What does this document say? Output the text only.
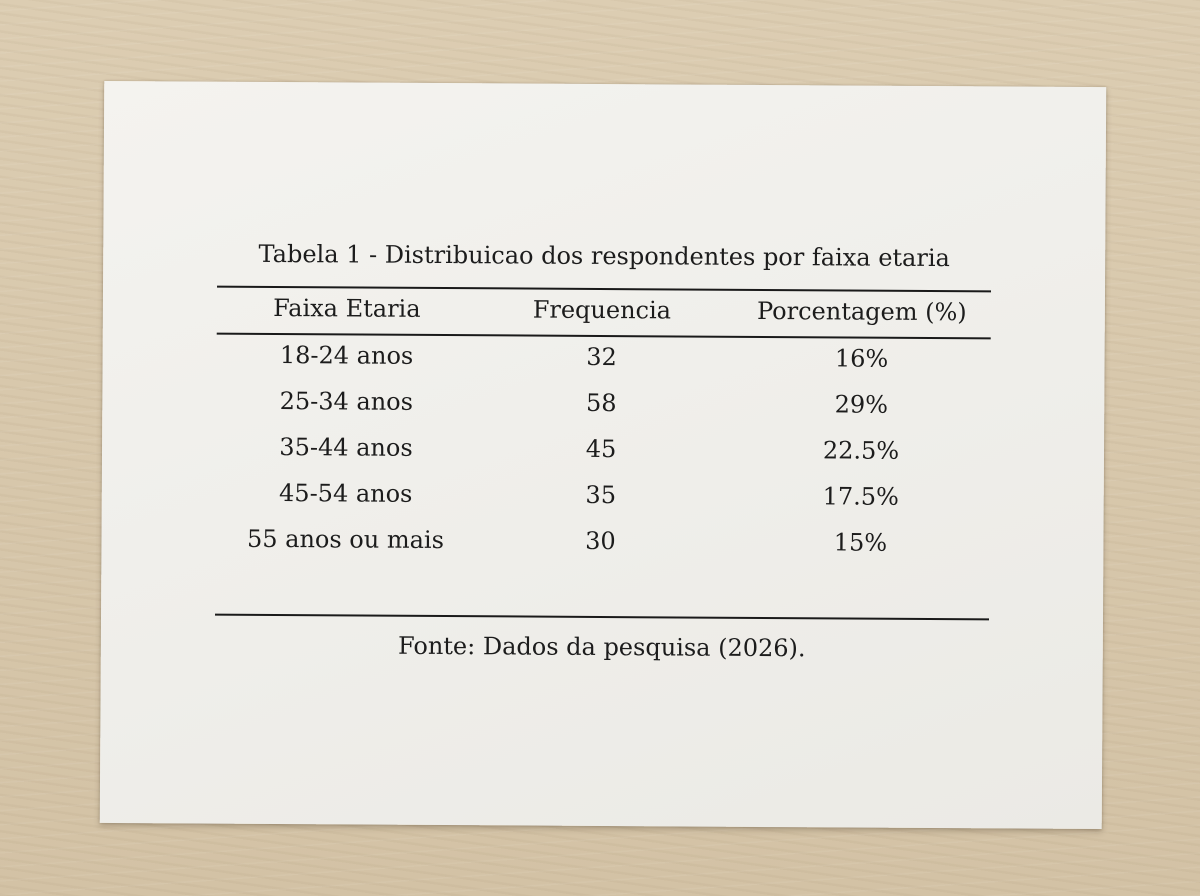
Tabela 1 - Distribuicao dos respondentes por faixa etaria
Faixa Etaria	Frequencia	Porcentagem (%)
18-24 anos	32	16%
25-34 anos	58	29%
35-44 anos	45	22.5%
45-54 anos	35	17.5%
55 anos ou mais	30	15%
Fonte: Dados da pesquisa (2026).
